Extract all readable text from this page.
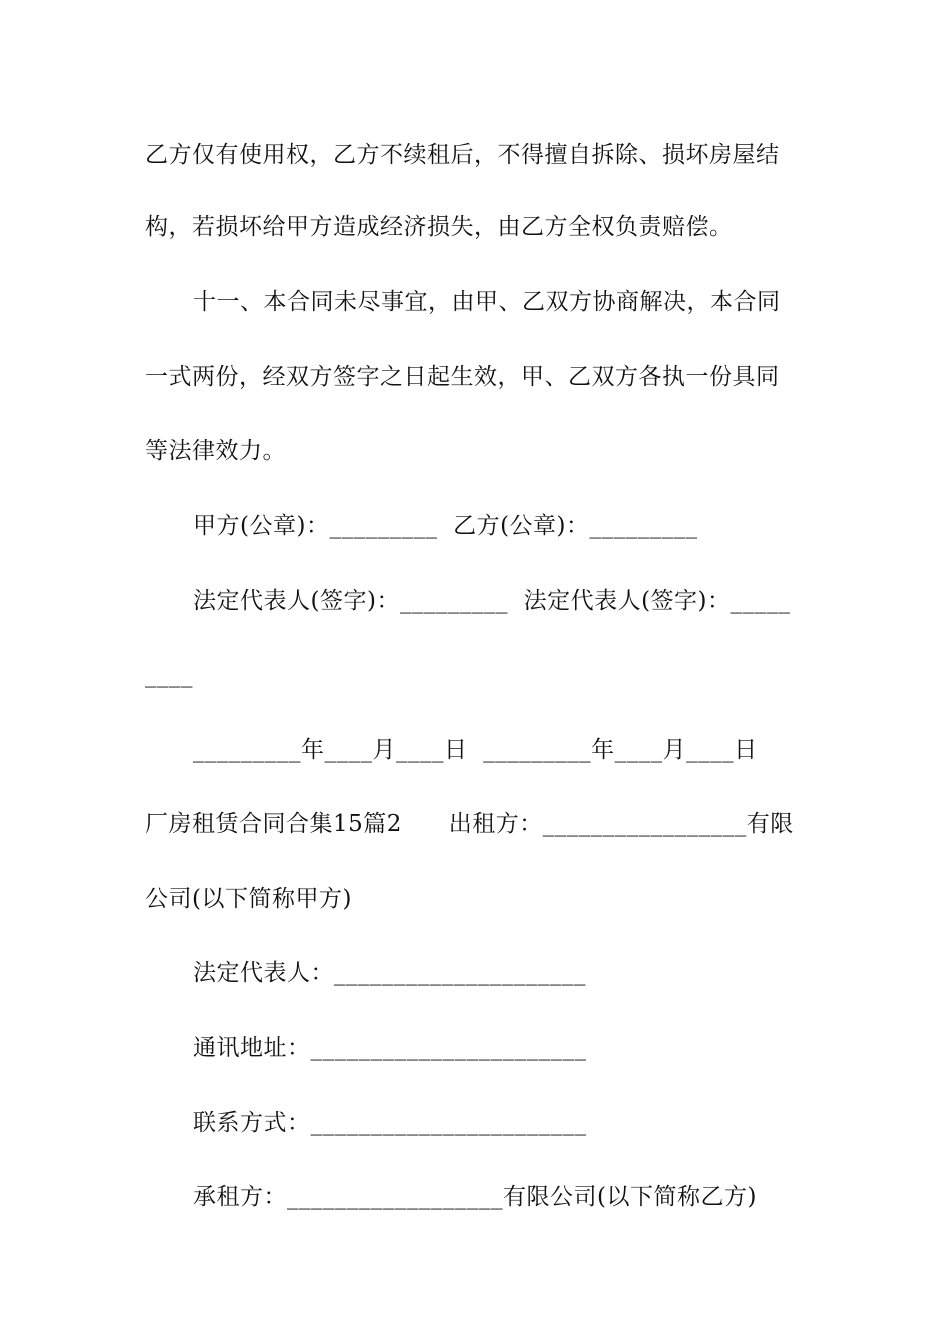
乙方仅有使用权，乙方不续租后，不得擅自拆除、损坏房屋结
构，若损坏给甲方造成经济损失，由乙方全权负责赔偿。
十一、本合同未尽事宜，由甲、乙双方协商解决，本合同
一式两份，经双方签字之日起生效，甲、乙双方各执一份具同
等法律效力。
甲方(公章)：_________  乙方(公章)：_________
法定代表人(签字)：_________  法定代表人(签字)：_____
____
_________年____月____日  _________年____月____日
厂房租赁合同合集15篇2      出租方：_________________有限
公司(以下简称甲方)
法定代表人：_____________________
通讯地址：_______________________
联系方式：_______________________
承租方：__________________有限公司(以下简称乙方)
